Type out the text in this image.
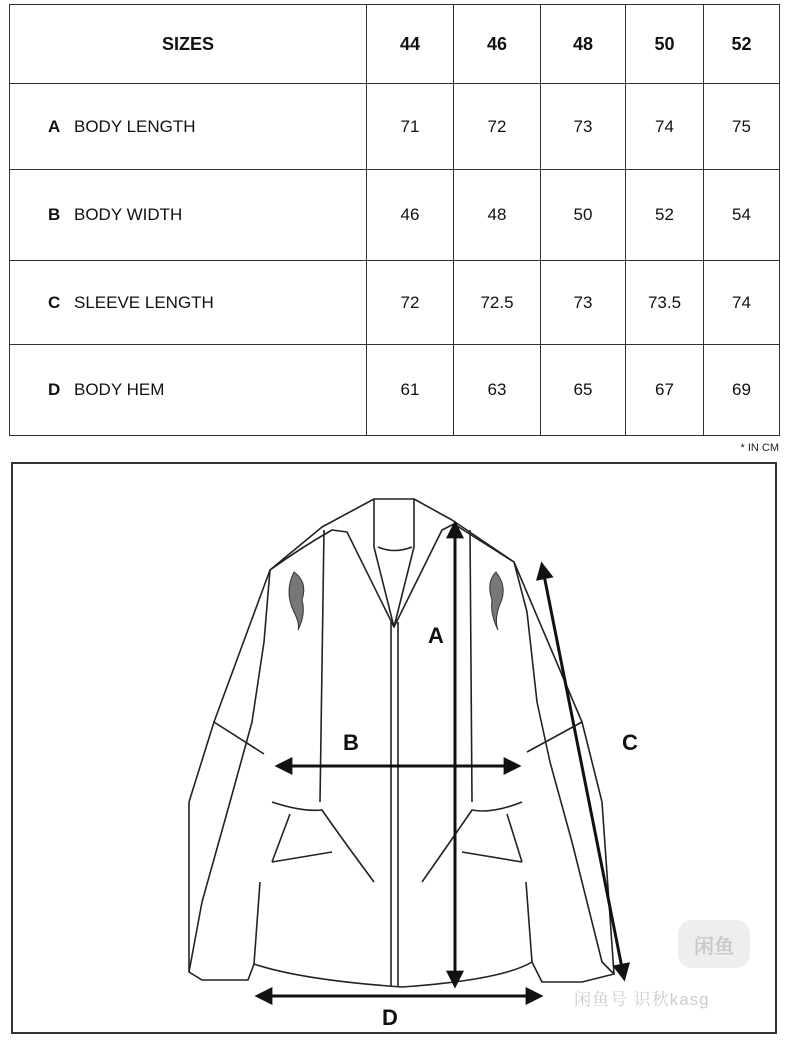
SIZES	44	46	48	50	52
A BODY LENGTH	71	72	73	74	75
B BODY WIDTH	46	48	50	52	54
C SLEEVE LENGTH	72	72.5	73	73.5	74
D BODY HEM	61	63	65	67	69
* IN CM
A
B	C
D
闲鱼
闲鱼号 识秋kasg
